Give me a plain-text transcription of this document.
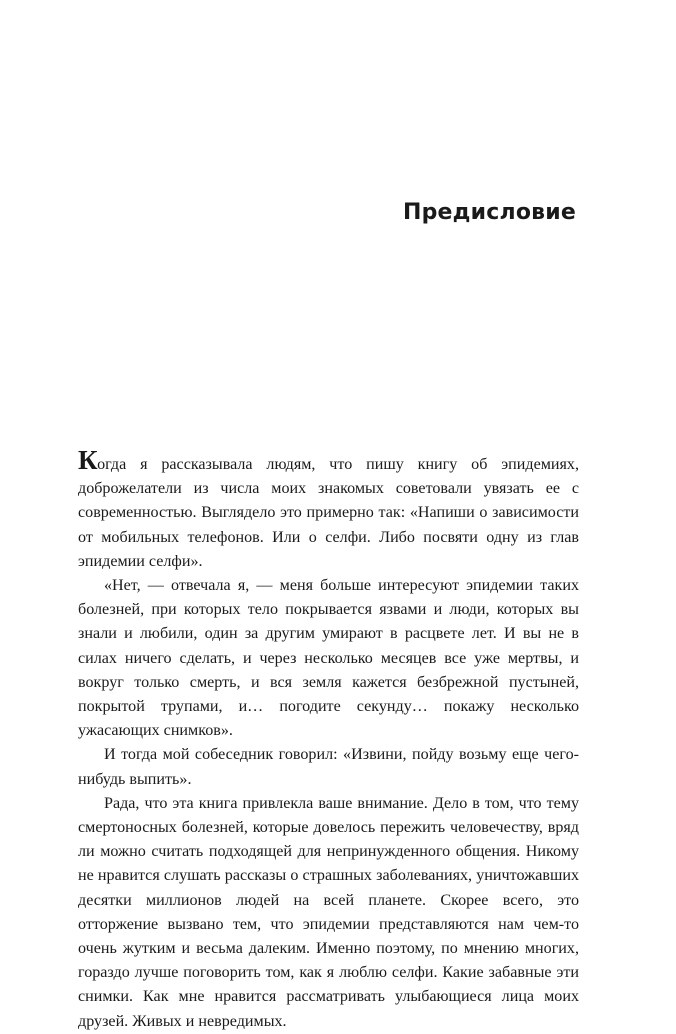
Предисловие

Когда я рассказывала людям, что пишу книгу об эпидемиях, доброжелатели из числа моих знакомых советовали увязать ее с современностью. Выглядело это примерно так: «Напиши о зависимости от мобильных телефонов. Или о селфи. Либо посвяти одну из глав эпидемии селфи».

«Нет, — отвечала я, — меня больше интересуют эпидемии таких болезней, при которых тело покрывается язвами и люди, которых вы знали и любили, один за другим умирают в расцвете лет. И вы не в силах ничего сделать, и через несколько месяцев все уже мертвы, и вокруг только смерть, и вся земля кажется безбрежной пустыней, покрытой трупами, и… погодите секунду… покажу несколько ужасающих снимков».

И тогда мой собеседник говорил: «Извини, пойду возьму еще чего-нибудь выпить».

Рада, что эта книга привлекла ваше внимание. Дело в том, что тему смертоносных болезней, которые довелось пережить человечеству, вряд ли можно считать подходящей для непринужденного общения. Никому не нравится слушать рассказы о страшных заболеваниях, уничтожавших десятки миллионов людей на всей планете. Скорее всего, это отторжение вызвано тем, что эпидемии представляются нам чем-то очень жутким и весьма далеким. Именно поэтому, по мнению многих, гораздо лучше поговорить том, как я люблю селфи. Какие забавные эти снимки. Как мне нравится рассматривать улыбающиеся лица моих друзей. Живых и невредимых.
